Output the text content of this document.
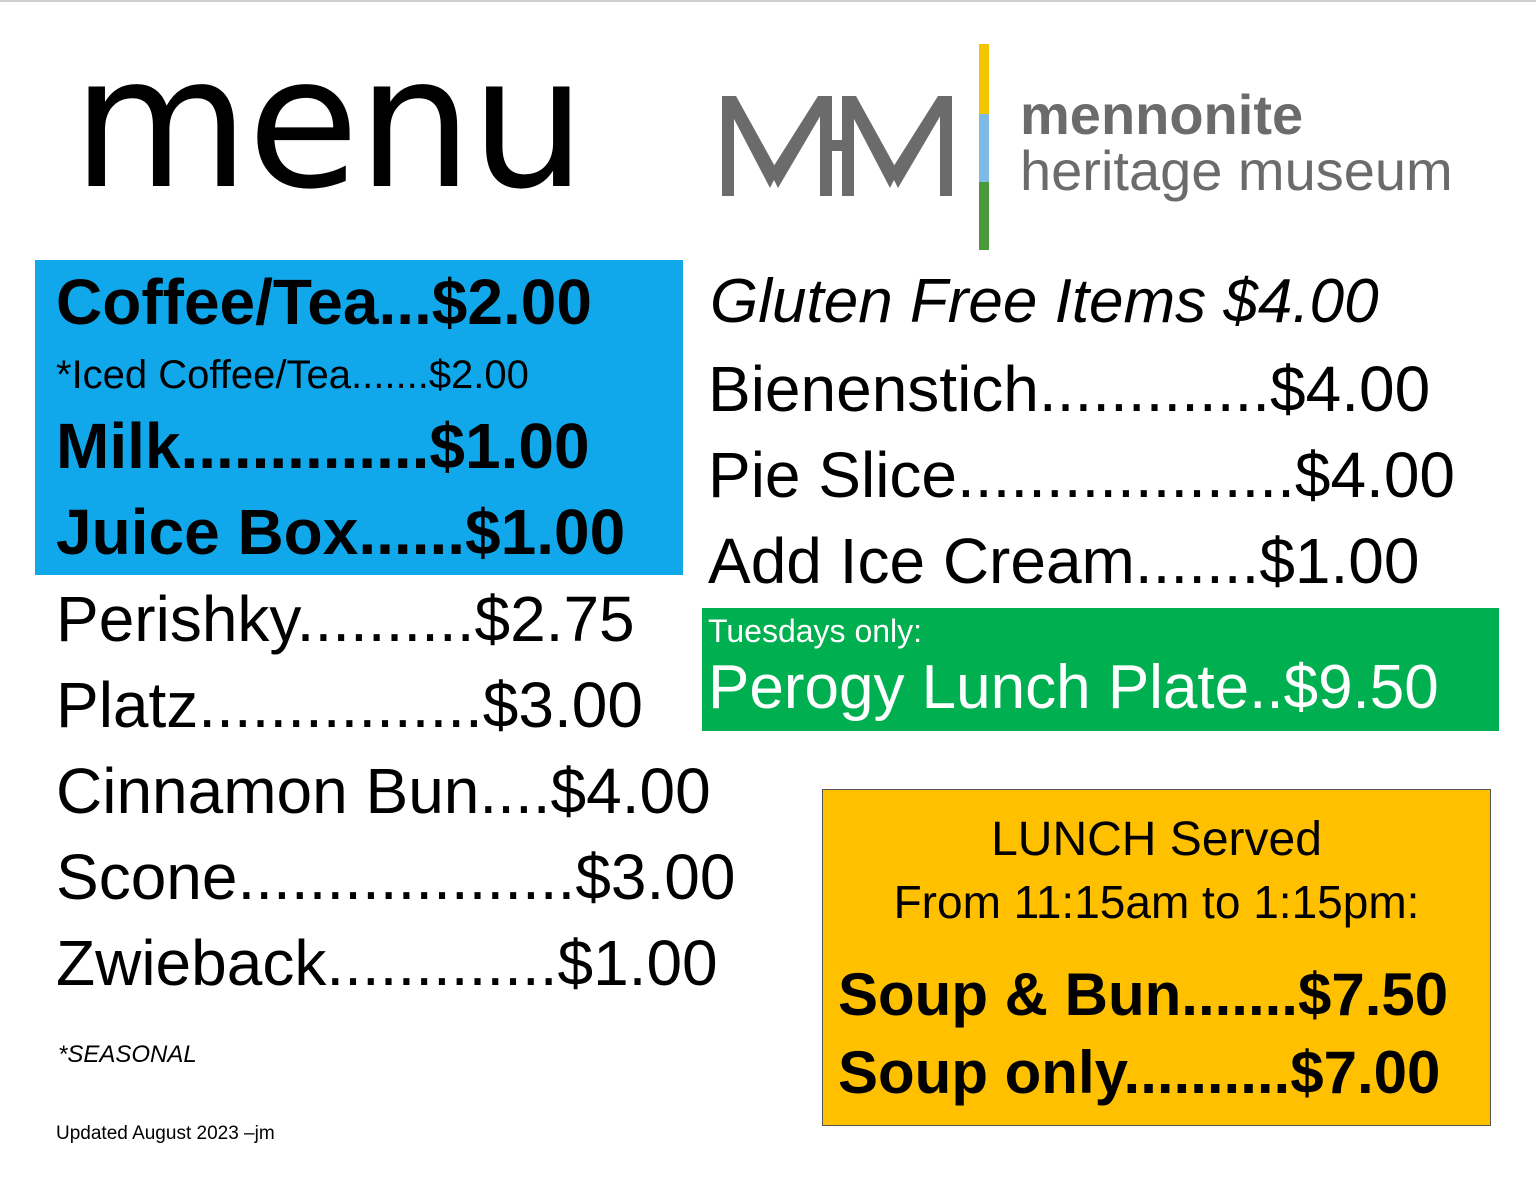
menu	mennonite
heritage museum
Coffee/Tea...$2.00
*Iced Coffee/Tea.......$2.00
Milk..............$1.00
Juice Box......$1.00
Perishky..........$2.75
Platz................$3.00
Cinnamon Bun....$4.00
Scone...................$3.00
Zwieback.............$1.00
Gluten Free Items $4.00
Bienenstich.............$4.00
Pie Slice...................$4.00
Add Ice Cream.......$1.00
Tuesdays only:
Perogy Lunch Plate..$9.50
LUNCH Served
From 11:15am to 1:15pm:
Soup & Bun.......$7.50
Soup only..........$7.00
*SEASONAL
Updated August 2023 –jm
